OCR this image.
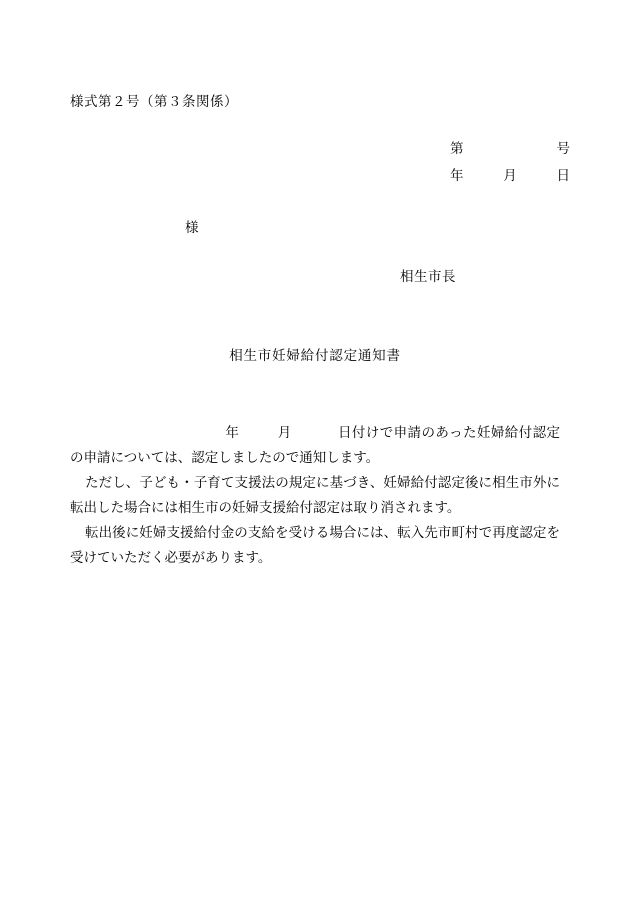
様式第２号（第３条関係）
第	号
年	月	日
様
相生市長
相生市妊婦給付認定通知書

年	月	日付けで申請のあった妊婦給付認定の申請については、認定しましたので通知します。

ただし、子ども・子育て支援法の規定に基づき、妊婦給付認定後に相生市外に転出した場合には相生市の妊婦支援給付認定は取り消されます。

転出後に妊婦支援給付金の支給を受ける場合には、転入先市町村で再度認定を受けていただく必要があります。
